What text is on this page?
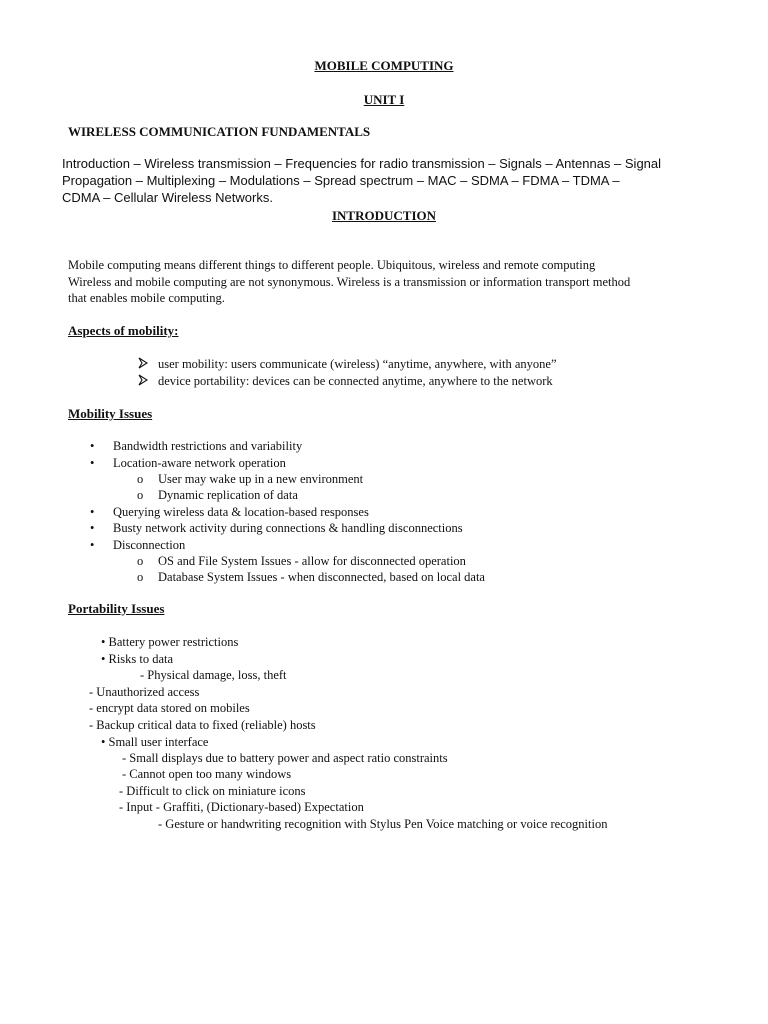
MOBILE COMPUTING
UNIT I
WIRELESS COMMUNICATION FUNDAMENTALS
Introduction – Wireless transmission – Frequencies for radio transmission – Signals – Antennas – Signal
Propagation – Multiplexing – Modulations – Spread spectrum – MAC – SDMA – FDMA – TDMA –
CDMA – Cellular Wireless Networks.
INTRODUCTION
Mobile computing means different things to different people. Ubiquitous, wireless and remote computing
Wireless and mobile computing are not synonymous. Wireless is a transmission or information transport method
that enables mobile computing.
Aspects of mobility:
user mobility: users communicate (wireless) “anytime, anywhere, with anyone”
device portability: devices can be connected anytime, anywhere to the network
Mobility Issues
• Bandwidth restrictions and variability
• Location-aware network operation
o User may wake up in a new environment
o Dynamic replication of data
• Querying wireless data & location-based responses
• Busty network activity during connections & handling disconnections
• Disconnection
o OS and File System Issues - allow for disconnected operation
o Database System Issues - when disconnected, based on local data
Portability Issues
• Battery power restrictions
• Risks to data
- Physical damage, loss, theft
- Unauthorized access
- encrypt data stored on mobiles
- Backup critical data to fixed (reliable) hosts
• Small user interface
- Small displays due to battery power and aspect ratio constraints
- Cannot open too many windows
- Difficult to click on miniature icons
- Input - Graffiti, (Dictionary-based) Expectation
- Gesture or handwriting recognition with Stylus Pen Voice matching or voice recognition
